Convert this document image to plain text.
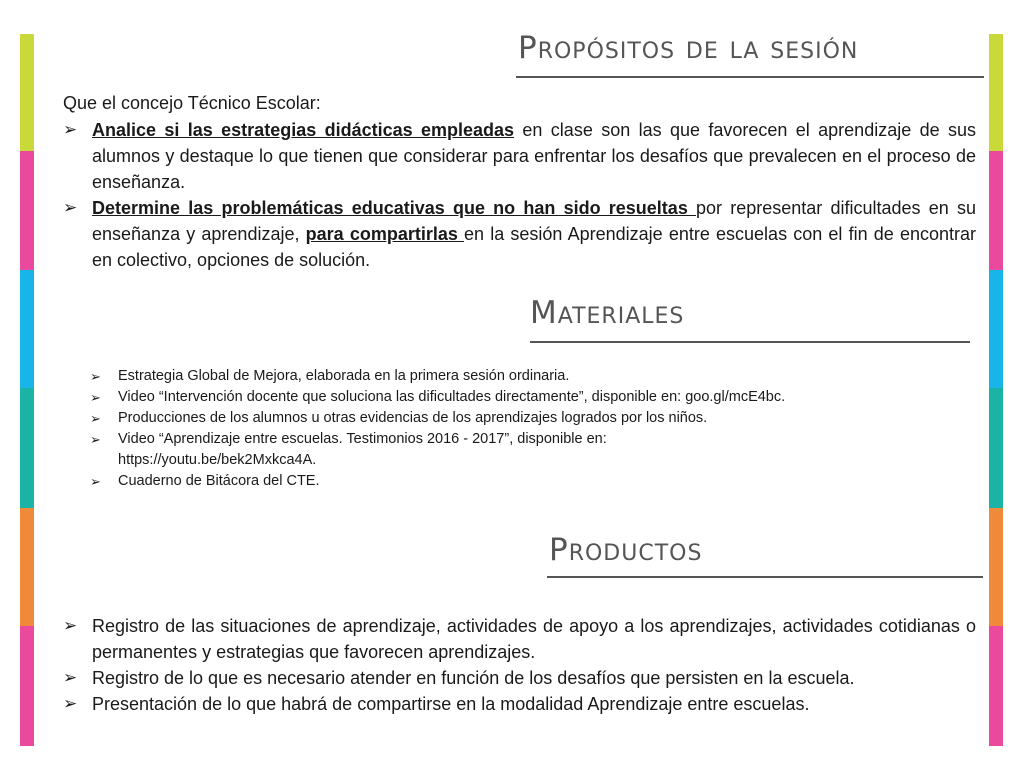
Propósitos de la sesión
Que el concejo Técnico Escolar:
➢ Analice si las estrategias didácticas empleadas en clase son las que favorecen el aprendizaje de sus alumnos y destaque lo que tienen que considerar para enfrentar los desafíos que prevalecen en el proceso de enseñanza.
➢ Determine las problemáticas educativas que no han sido resueltas por representar dificultades en su enseñanza y aprendizaje, para compartirlas en la sesión Aprendizaje entre escuelas con el fin de encontrar en colectivo, opciones de solución.
Materiales
➢ Estrategia Global de Mejora, elaborada en la primera sesión ordinaria.
➢ Video “Intervención docente que soluciona las dificultades directamente”, disponible en: goo.gl/mcE4bc.
➢ Producciones de los alumnos u otras evidencias de los aprendizajes logrados por los niños.
➢ Video “Aprendizaje entre escuelas. Testimonios 2016 - 2017”, disponible en: https://youtu.be/bek2Mxkca4A.
➢ Cuaderno de Bitácora del CTE.
Productos
➢ Registro de las situaciones de aprendizaje, actividades de apoyo a los aprendizajes, actividades cotidianas o permanentes y estrategias que favorecen aprendizajes.
➢ Registro de lo que es necesario atender en función de los desafíos que persisten en la escuela.
➢ Presentación de lo que habrá de compartirse en la modalidad Aprendizaje entre escuelas.
